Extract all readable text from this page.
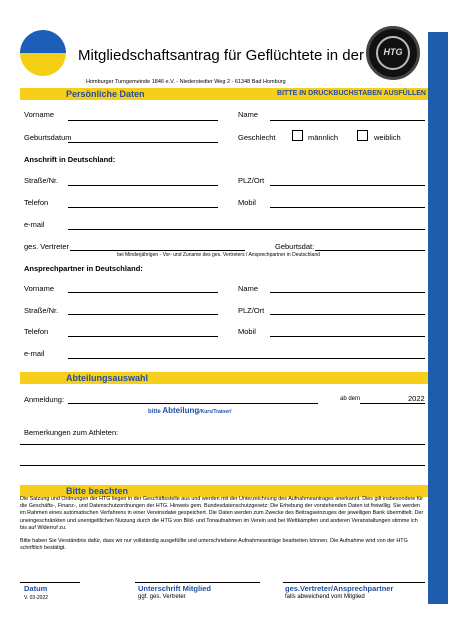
Mitgliedschaftsantrag für Geflüchtete in der	HTG
Homburger Turngemeinde 1846 e.V. - Niederstedter Weg 2 - 61348 Bad Homburg
Persönliche Daten	BITTE IN DRUCKBUCHSTABEN AUSFÜLLEN
Vorname	Name
Geburtsdatum	Geschlecht	männlich	weiblich
Anschrift in Deutschland:
Straße/Nr.	PLZ/Ort
Telefon	Mobil
e-mail
ges. Vertreter	Geburtsdat:
bei Minderjährigen - Vor- und Zuname des ges. Vertreters / Ansprechpartner in Deutschland
Ansprechpartner in Deutschland:
Vorname	Name
Straße/Nr.	PLZ/Ort
Telefon	Mobil
e-mail
Abteilungsauswahl
Anmeldung:	ab dem	2022
bitte Abteilung/Kurs/Trainer/
Bemerkungen zum Athleten:
Bitte beachten
Die Satzung und Ordnungen der HTG liegen in der Geschäftsstelle aus und werden mit der Unterzeichnung des Aufnahmeantrages anerkannt. Dies gilt insbesondere für die Geschäfts-, Finanz-, und Datenschutzordnungen der HTG. Hinweis gem. Bundesdatenschutzgesetz: Die Erhebung der vorstehenden Daten ist freiwillig. Sie werden im Rahmen eines automatischen Verfahrens in einer Vereinsdatei gespeichert. Die Daten werden zum Zwecke des Beitragseinzuges der jeweiligen Bank übermittelt. Der uneingeschränkten und unentgeltlichen Nutzung durch die HTG von Bild- und Tonaufnahmen im Verein und bei Wettkämpfen und anderen Veranstaltungen stimme ich bis auf Widerruf zu.
Bitte haben Sie Verständnis dafür, dass wir nur vollständig ausgefüllte und unterschriebene Aufnahmeanträge bearbeiten können. Die Aufnahme wird von der HTG schriftlich bestätigt.
Datum
V. 03-2022
Unterschrift Mitglied
ggf. ges. Vertreter
ges.Vertreter/Ansprechpartner
falls abweichend vom Mitglied
